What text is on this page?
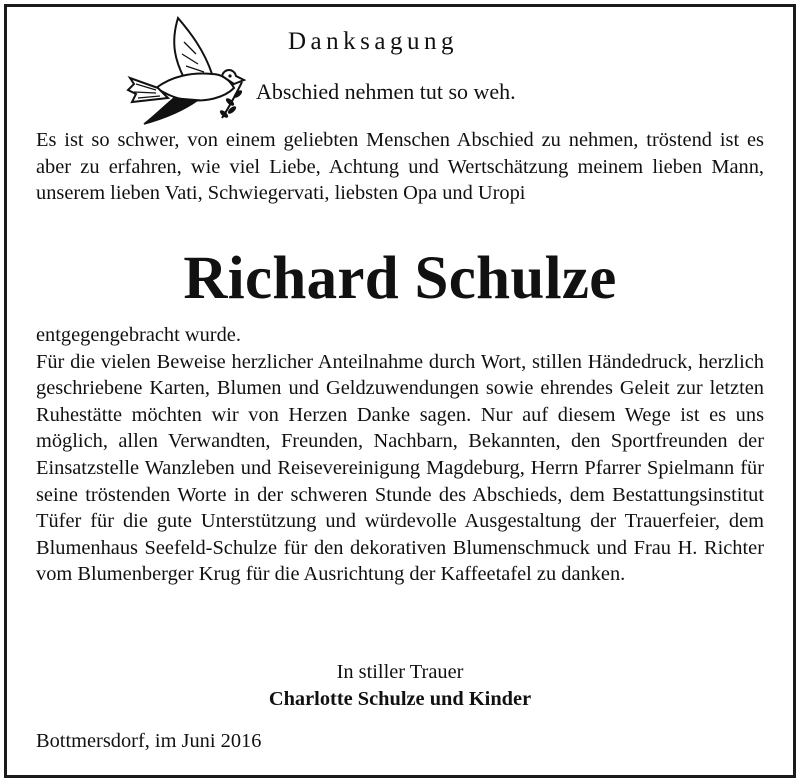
Danksagung
Abschied nehmen tut so weh.
Es ist so schwer, von einem geliebten Menschen Abschied zu nehmen, tröstend ist es aber zu erfahren, wie viel Liebe, Achtung und Wertschätzung meinem lieben Mann, unserem lieben Vati, Schwiegervati, liebsten Opa und Uropi
Richard Schulze
entgegengebracht wurde.
Für die vielen Beweise herzlicher Anteilnahme durch Wort, stillen Händedruck, herzlich geschriebene Karten, Blumen und Geldzuwendungen sowie ehrendes Geleit zur letzten Ruhestätte möchten wir von Herzen Danke sagen. Nur auf diesem Wege ist es uns möglich, allen Verwandten, Freunden, Nachbarn, Bekannten, den Sportfreunden der Einsatzstelle Wanzleben und Reisevereinigung Magdeburg, Herrn Pfarrer Spielmann für seine tröstenden Worte in der schweren Stunde des Abschieds, dem Bestattungsinstitut Tüfer für die gute Unterstützung und würdevolle Ausgestaltung der Trauerfeier, dem Blumenhaus Seefeld-Schulze für den dekorativen Blumenschmuck und Frau H. Richter vom Blumenberger Krug für die Ausrichtung der Kaffeetafel zu danken.
In stiller Trauer
Charlotte Schulze und Kinder
Bottmersdorf, im Juni 2016
